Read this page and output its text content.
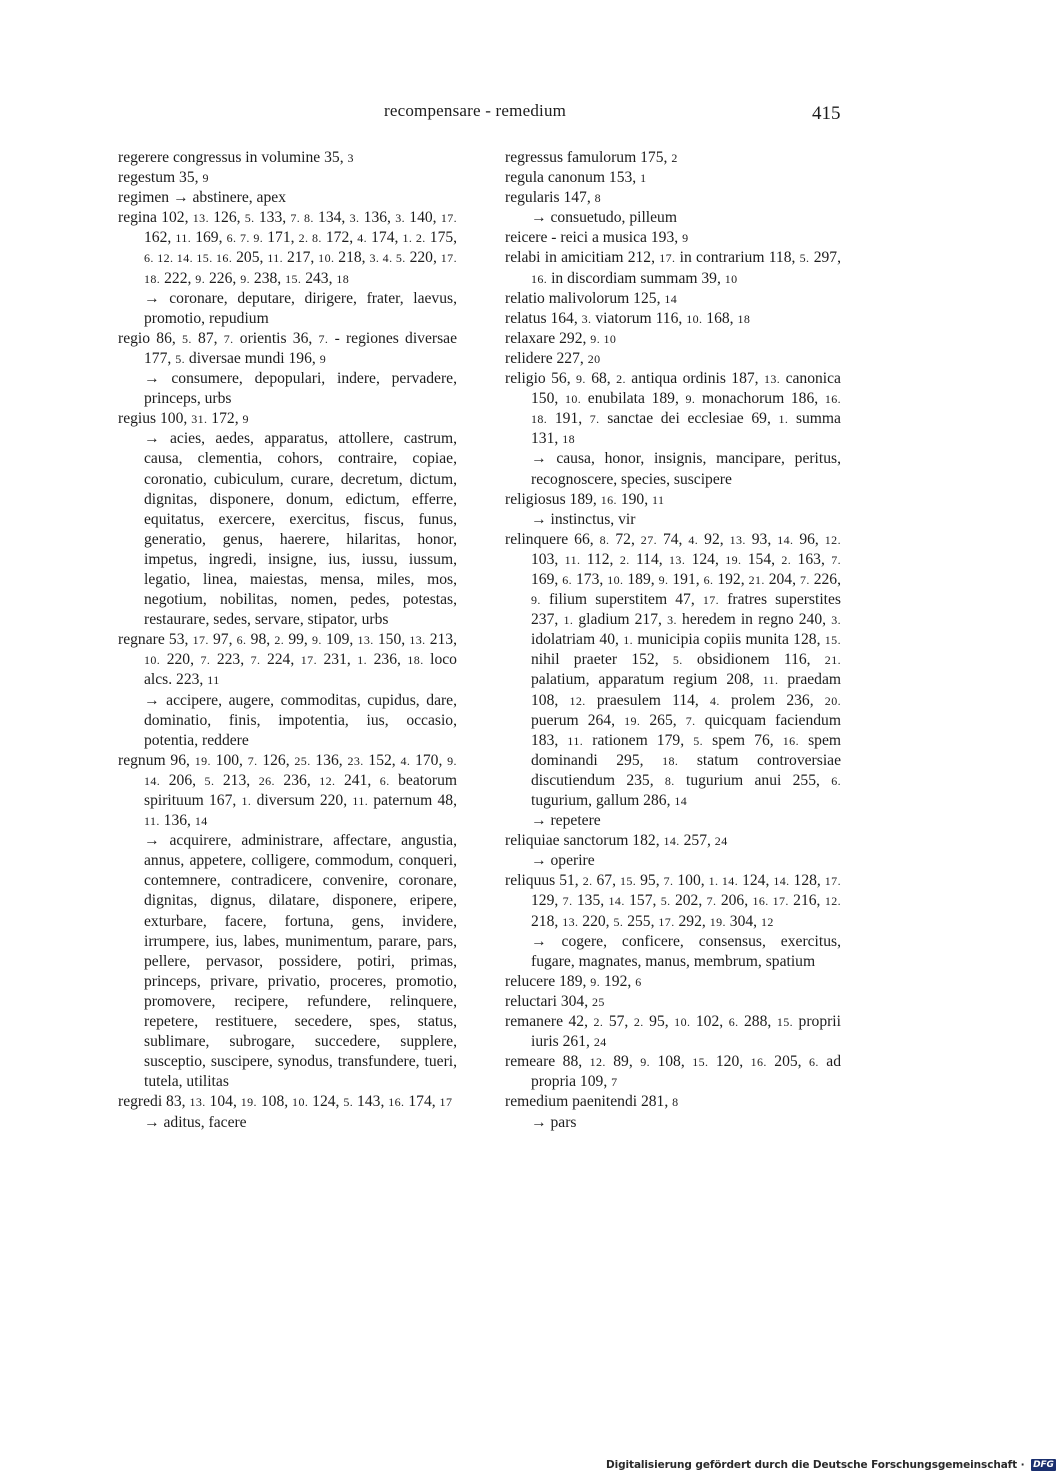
recompensare - remedium	415
regerere congressus in volumine 35, 3
regestum 35, 9
regimen → abstinere, apex
regina 102, 13. 126, 5. 133, 7. 8. 134, 3. 136, 3. 140, 17. 162, 11. 169, 6. 7. 9. 171, 2. 8. 172, 4. 174, 1. 2. 175, 6. 12. 14. 15. 16. 205, 11. 217, 10. 218, 3. 4. 5. 220, 17. 18. 222, 9. 226, 9. 238, 15. 243, 18
→ coronare, deputare, dirigere, frater, laevus, promotio, repudium
regio 86, 5. 87, 7. orientis 36, 7. - regiones diversae 177, 5. diversae mundi 196, 9
→ consumere, depopulari, indere, pervadere, princeps, urbs
regius 100, 31. 172, 9
→ acies, aedes, apparatus, attollere, castrum, causa, clementia, cohors, contraire, copiae, coronatio, cubiculum, curare, decretum, dictum, dignitas, disponere, donum, edictum, efferre, equitatus, exercere, exercitus, fiscus, funus, generatio, genus, haerere, hilaritas, honor, impetus, ingredi, insigne, ius, iussu, iussum, legatio, linea, maiestas, mensa, miles, mos, negotium, nobilitas, nomen, pedes, potestas, restaurare, sedes, servare, stipator, urbs
regnare 53, 17. 97, 6. 98, 2. 99, 9. 109, 13. 150, 13. 213, 10. 220, 7. 223, 7. 224, 17. 231, 1. 236, 18. loco alcs. 223, 11
→ accipere, augere, commoditas, cupidus, dare, dominatio, finis, impotentia, ius, occasio, potentia, reddere
regnum 96, 19. 100, 7. 126, 25. 136, 23. 152, 4. 170, 9. 14. 206, 5. 213, 26. 236, 12. 241, 6. beatorum spirituum 167, 1. diversum 220, 11. paternum 48, 11. 136, 14
→ acquirere, administrare, affectare, angustia, annus, appetere, colligere, commodum, conqueri, contemnere, contradicere, convenire, coronare, dignitas, dignus, dilatare, disponere, eripere, exturbare, facere, fortuna, gens, invidere, irrumpere, ius, labes, munimentum, parare, pars, pellere, pervasor, possidere, potiri, primas, princeps, privare, privatio, proceres, promotio, promovere, recipere, refundere, relinquere, repetere, restituere, secedere, spes, status, sublimare, subrogare, succedere, supplere, susceptio, suscipere, synodus, transfundere, tueri, tutela, utilitas
regredi 83, 13. 104, 19. 108, 10. 124, 5. 143, 16. 174, 17
→ aditus, facere
regressus famulorum 175, 2
regula canonum 153, 1
regularis 147, 8
→ consuetudo, pilleum
reicere - reici a musica 193, 9
relabi in amicitiam 212, 17. in contrarium 118, 5. 297, 16. in discordiam summam 39, 10
relatio malivolorum 125, 14
relatus 164, 3. viatorum 116, 10. 168, 18
relaxare 292, 9. 10
relidere 227, 20
religio 56, 9. 68, 2. antiqua ordinis 187, 13. canonica 150, 10. enubilata 189, 9. monachorum 186, 16. 18. 191, 7. sanctae dei ecclesiae 69, 1. summa 131, 18
→ causa, honor, insignis, mancipare, peritus, recognoscere, species, suscipere
religiosus 189, 16. 190, 11
→ instinctus, vir
relinquere 66, 8. 72, 27. 74, 4. 92, 13. 93, 14. 96, 12. 103, 11. 112, 2. 114, 13. 124, 19. 154, 2. 163, 7. 169, 6. 173, 10. 189, 9. 191, 6. 192, 21. 204, 7. 226, 9. filium superstitem 47, 17. fratres superstites 237, 1. gladium 217, 3. heredem in regno 240, 3. idolatriam 40, 1. municipia copiis munita 128, 15. nihil praeter 152, 5. obsidionem 116, 21. palatium, apparatum regium 208, 11. praedam 108, 12. praesulem 114, 4. prolem 236, 20. puerum 264, 19. 265, 7. quicquam faciendum 183, 11. rationem 179, 5. spem 76, 16. spem dominandi 295, 18. statum controversiae discutiendum 235, 8. tugurium anui 255, 6. tugurium, gallum 286, 14
→ repetere
reliquiae sanctorum 182, 14. 257, 24
→ operire
reliquus 51, 2. 67, 15. 95, 7. 100, 1. 14. 124, 14. 128, 17. 129, 7. 135, 14. 157, 5. 202, 7. 206, 16. 17. 216, 12. 218, 13. 220, 5. 255, 17. 292, 19. 304, 12
→ cogere, conficere, consensus, exercitus, fugare, magnates, manus, membrum, spatium
relucere 189, 9. 192, 6
reluctari 304, 25
remanere 42, 2. 57, 2. 95, 10. 102, 6. 288, 15. proprii iuris 261, 24
remeare 88, 12. 89, 9. 108, 15. 120, 16. 205, 6. ad propria 109, 7
remedium paenitendi 281, 8
→ pars
Digitalisierung gefördert durch die Deutsche Forschungsgemeinschaft · DFG
